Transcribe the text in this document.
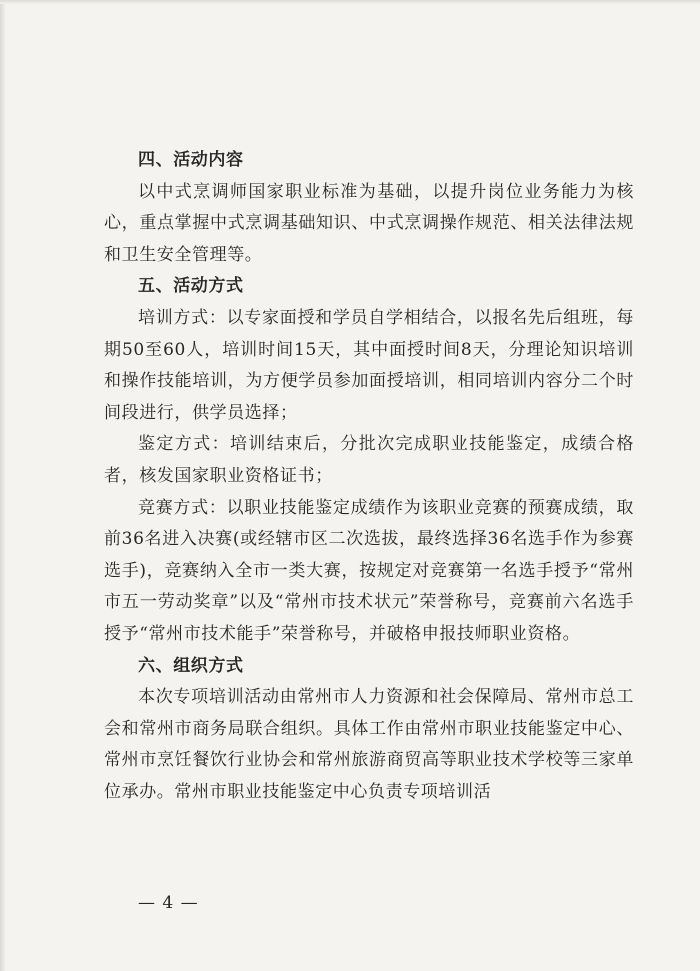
四、活动内容

以中式烹调师国家职业标准为基础，以提升岗位业务能力为核心，重点掌握中式烹调基础知识、中式烹调操作规范、相关法律法规和卫生安全管理等。

五、活动方式

培训方式：以专家面授和学员自学相结合，以报名先后组班，每期50至60人，培训时间15天，其中面授时间8天，分理论知识培训和操作技能培训，为方便学员参加面授培训，相同培训内容分二个时间段进行，供学员选择；

鉴定方式：培训结束后，分批次完成职业技能鉴定，成绩合格者，核发国家职业资格证书；

竞赛方式：以职业技能鉴定成绩作为该职业竞赛的预赛成绩，取前36名进入决赛(或经辖市区二次选拔，最终选择36名选手作为参赛选手)，竞赛纳入全市一类大赛，按规定对竞赛第一名选手授予“常州市五一劳动奖章”以及“常州市技术状元”荣誉称号，竞赛前六名选手授予“常州市技术能手”荣誉称号，并破格申报技师职业资格。

六、组织方式

本次专项培训活动由常州市人力资源和社会保障局、常州市总工会和常州市商务局联合组织。具体工作由常州市职业技能鉴定中心、常州市烹饪餐饮行业协会和常州旅游商贸高等职业技术学校等三家单位承办。常州市职业技能鉴定中心负责专项培训活

— 4 —
